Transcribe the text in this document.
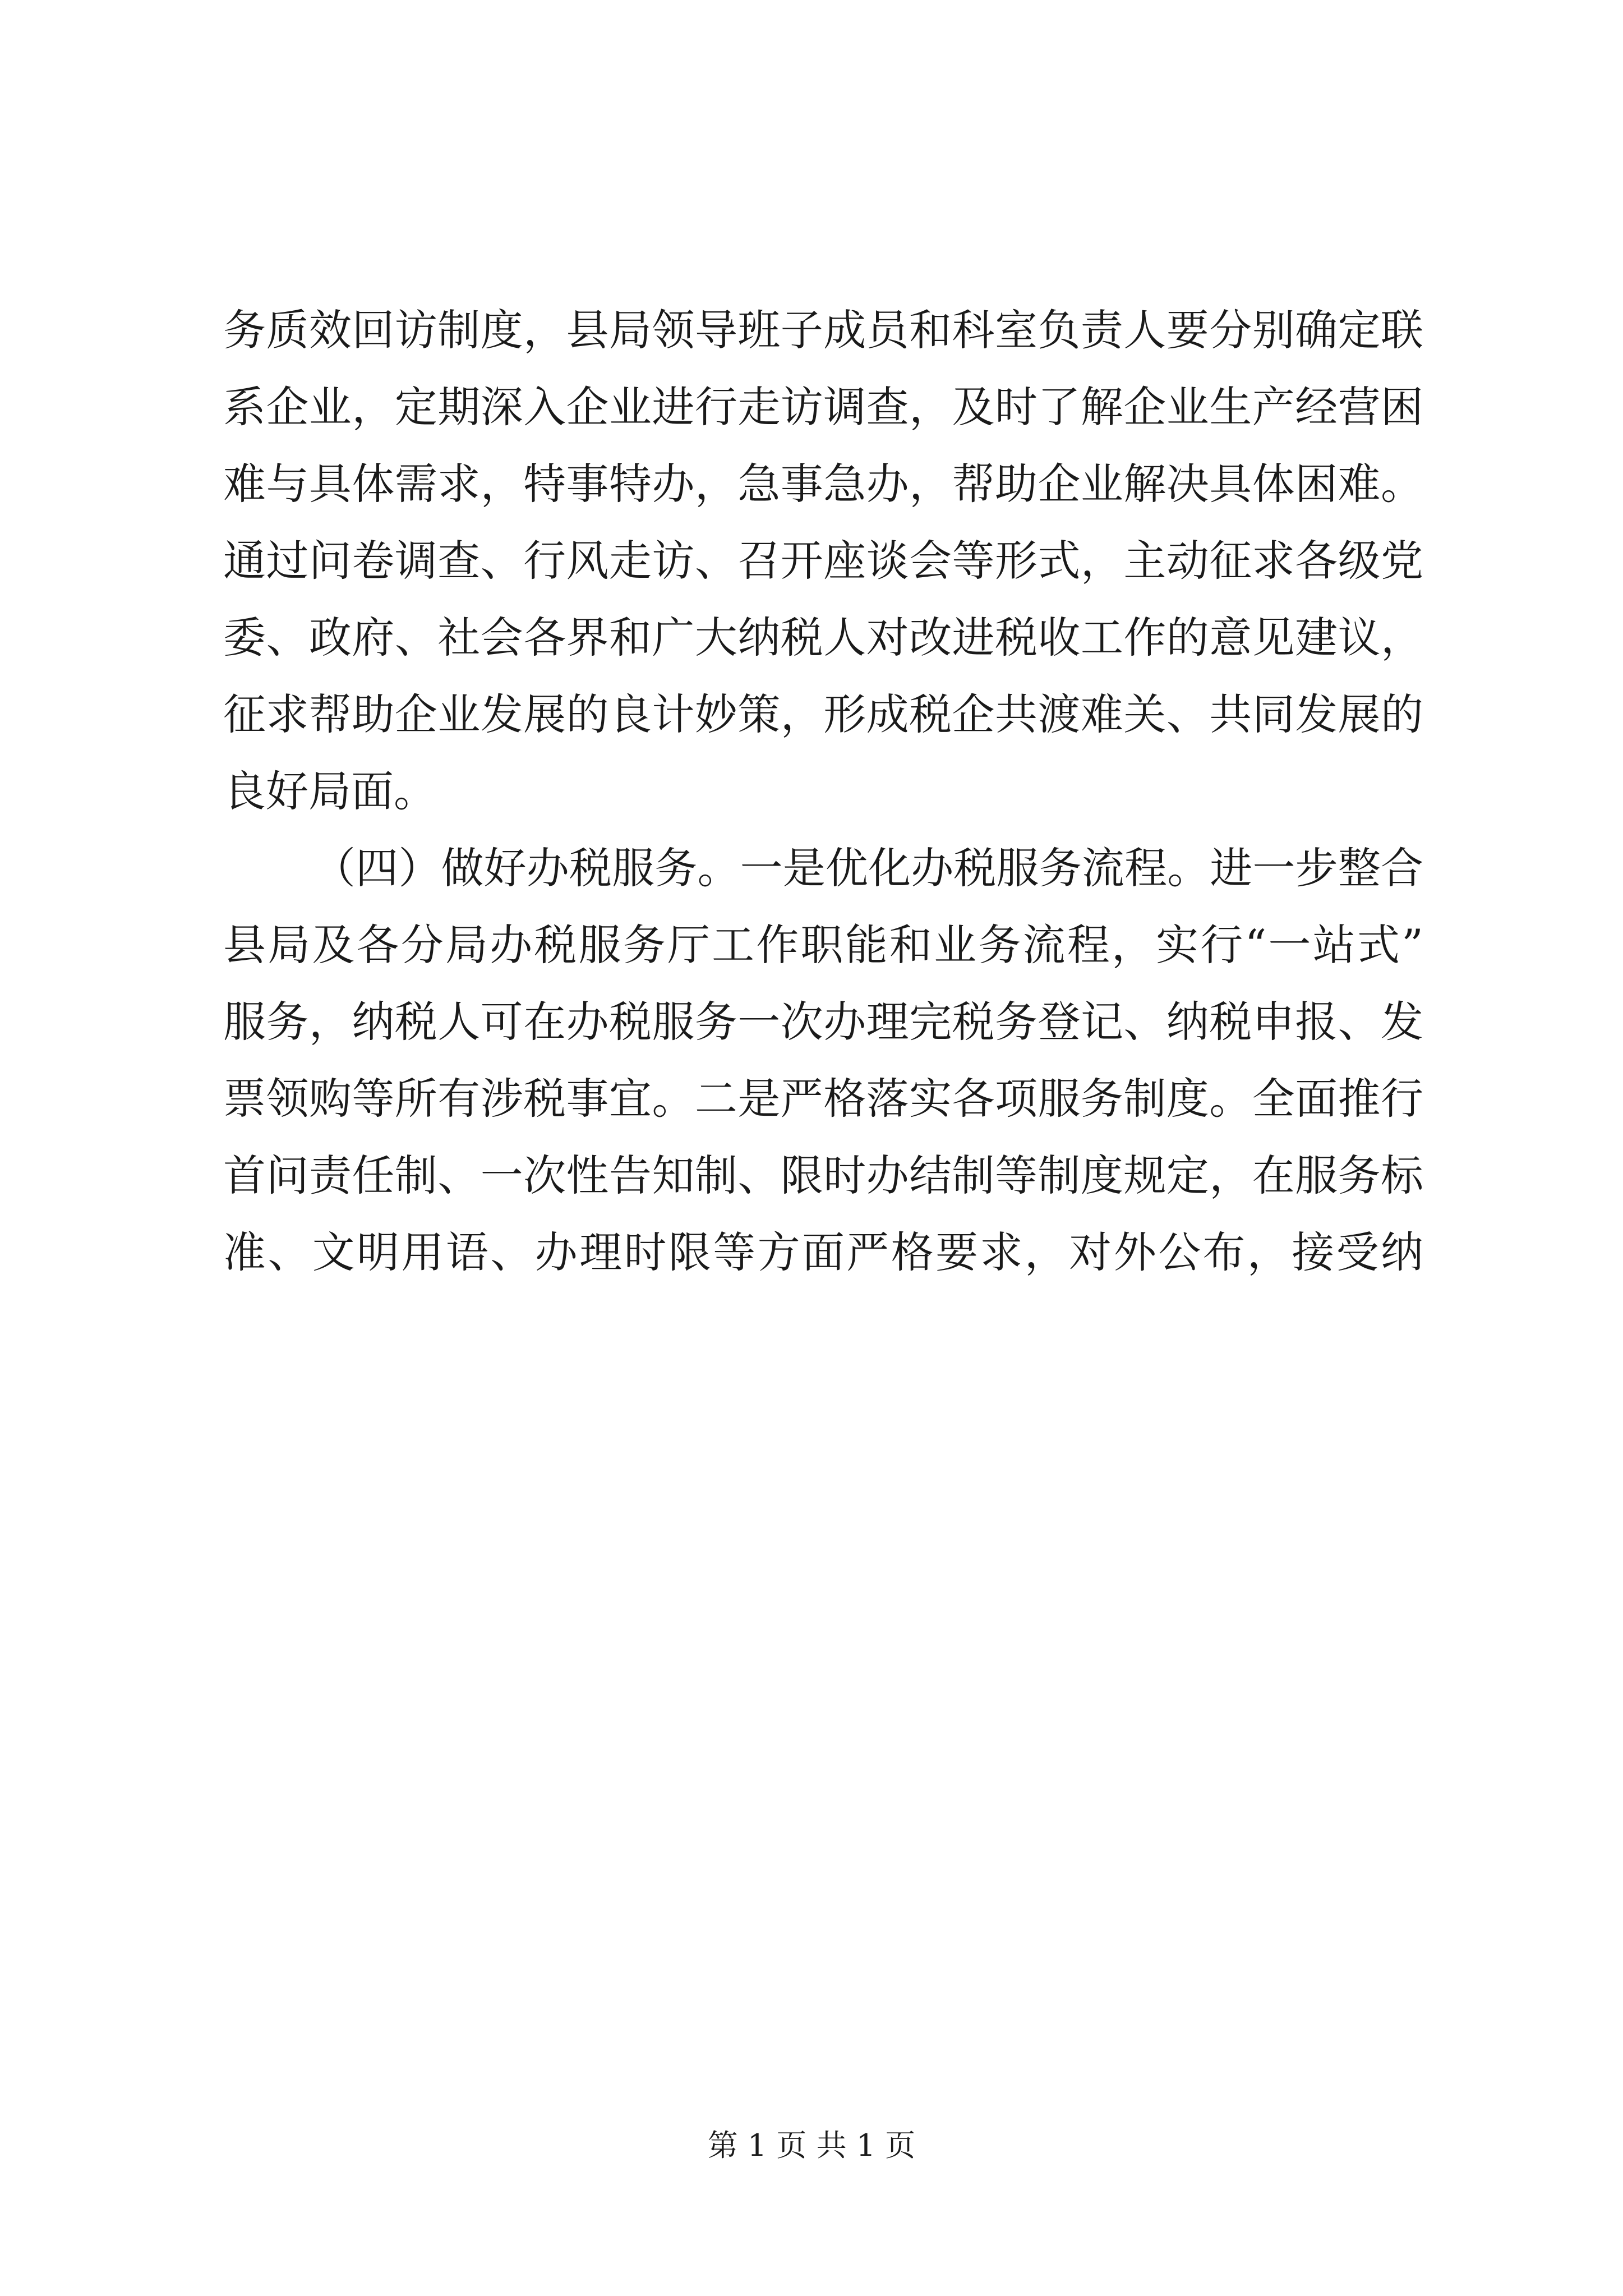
务质效回访制度，县局领导班子成员和科室负责人要分别确定联
系企业，定期深入企业进行走访调查，及时了解企业生产经营困
难与具体需求，特事特办，急事急办，帮助企业解决具体困难。
通过问卷调查、行风走访、召开座谈会等形式，主动征求各级党
委、政府、社会各界和广大纳税人对改进税收工作的意见建议，
征求帮助企业发展的良计妙策，形成税企共渡难关、共同发展的
良好局面。
（四）做好办税服务。一是优化办税服务流程。进一步整合
县局及各分局办税服务厅工作职能和业务流程，实行“一站式”
服务，纳税人可在办税服务一次办理完税务登记、纳税申报、发
票领购等所有涉税事宜。二是严格落实各项服务制度。全面推行
首问责任制、一次性告知制、限时办结制等制度规定，在服务标
准、文明用语、办理时限等方面严格要求，对外公布，接受纳
第 1 页 共 1 页
